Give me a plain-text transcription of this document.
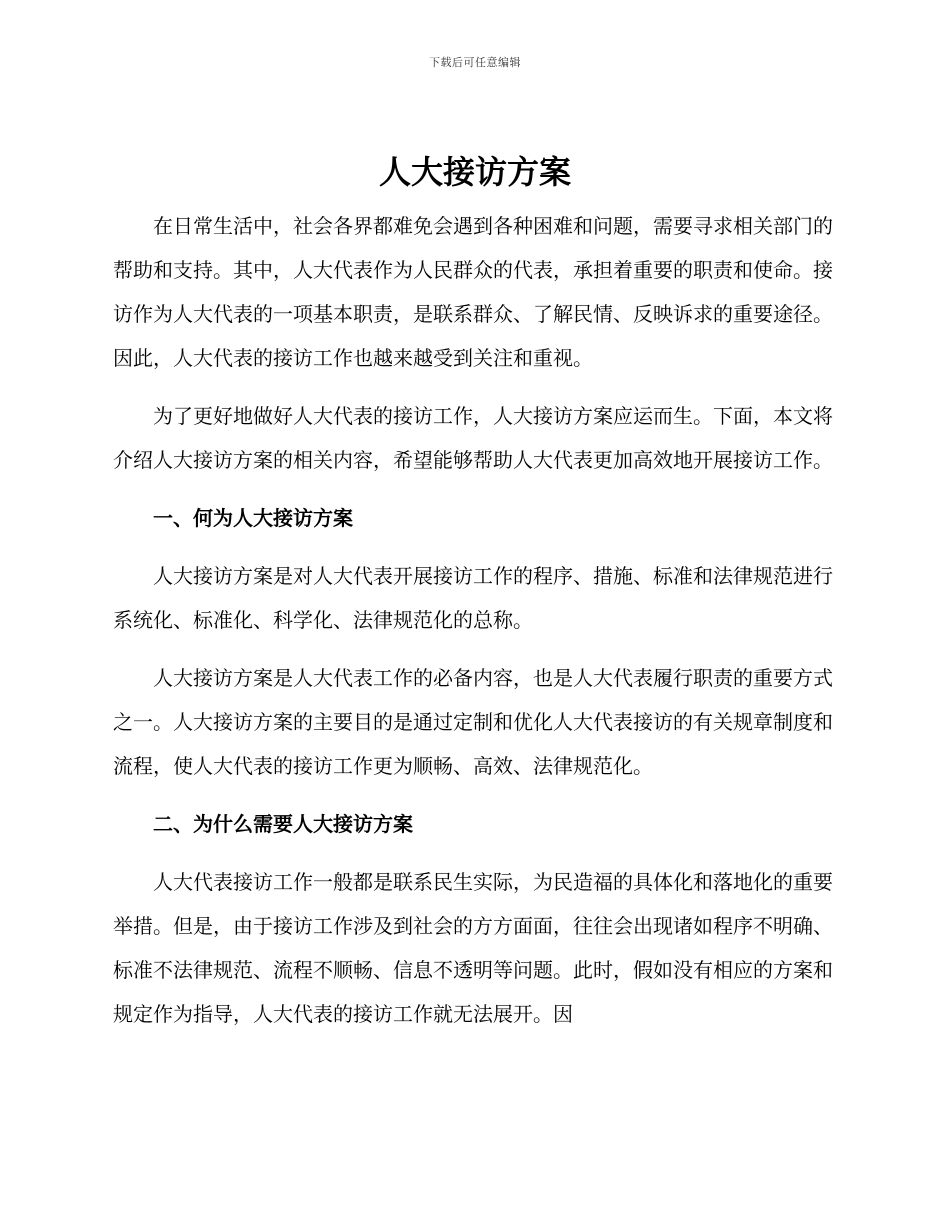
下载后可任意编辑
人大接访方案

在日常生活中，社会各界都难免会遇到各种困难和问题，需要寻求相关部门的帮助和支持。其中，人大代表作为人民群众的代表，承担着重要的职责和使命。接访作为人大代表的一项基本职责，是联系群众、了解民情、反映诉求的重要途径。因此，人大代表的接访工作也越来越受到关注和重视。

为了更好地做好人大代表的接访工作，人大接访方案应运而生。下面，本文将介绍人大接访方案的相关内容，希望能够帮助人大代表更加高效地开展接访工作。

一、何为人大接访方案

人大接访方案是对人大代表开展接访工作的程序、措施、标准和法律规范进行系统化、标准化、科学化、法律规范化的总称。

人大接访方案是人大代表工作的必备内容，也是人大代表履行职责的重要方式之一。人大接访方案的主要目的是通过定制和优化人大代表接访的有关规章制度和流程，使人大代表的接访工作更为顺畅、高效、法律规范化。

二、为什么需要人大接访方案

人大代表接访工作一般都是联系民生实际，为民造福的具体化和落地化的重要举措。但是，由于接访工作涉及到社会的方方面面，往往会出现诸如程序不明确、标准不法律规范、流程不顺畅、信息不透明等问题。此时，假如没有相应的方案和规定作为指导，人大代表的接访工作就无法展开。因
